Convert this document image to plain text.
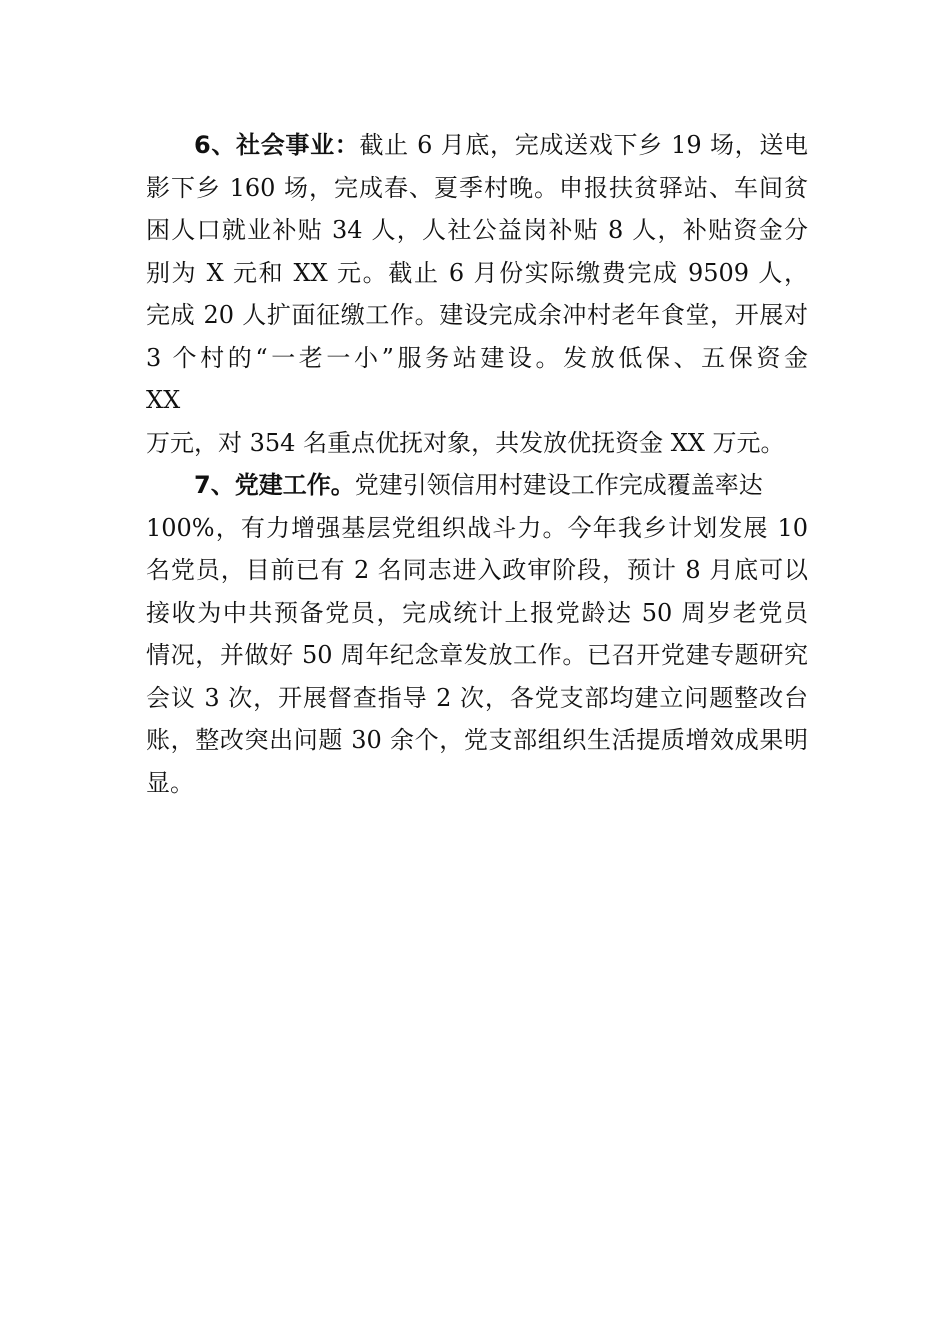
6、社会事业：截止 6 月底，完成送戏下乡 19 场，送电
影下乡 160 场，完成春、夏季村晚。申报扶贫驿站、车间贫
困人口就业补贴 34 人，人社公益岗补贴 8 人，补贴资金分
别为 X 元和 XX 元。截止 6 月份实际缴费完成 9509 人，
完成 20 人扩面征缴工作。建设完成余冲村老年食堂，开展对
3 个村的“一老一小”服务站建设。发放低保、五保资金
XX
万元，对 354 名重点优抚对象，共发放优抚资金 XX 万元。
7、党建工作。党建引领信用村建设工作完成覆盖率达
100%，有力增强基层党组织战斗力。今年我乡计划发展 10
名党员，目前已有 2 名同志进入政审阶段，预计 8 月底可以
接收为中共预备党员，完成统计上报党龄达 50 周岁老党员
情况，并做好 50 周年纪念章发放工作。已召开党建专题研究
会议 3 次，开展督查指导 2 次，各党支部均建立问题整改台
账，整改突出问题 30 余个，党支部组织生活提质增效成果明
显。
